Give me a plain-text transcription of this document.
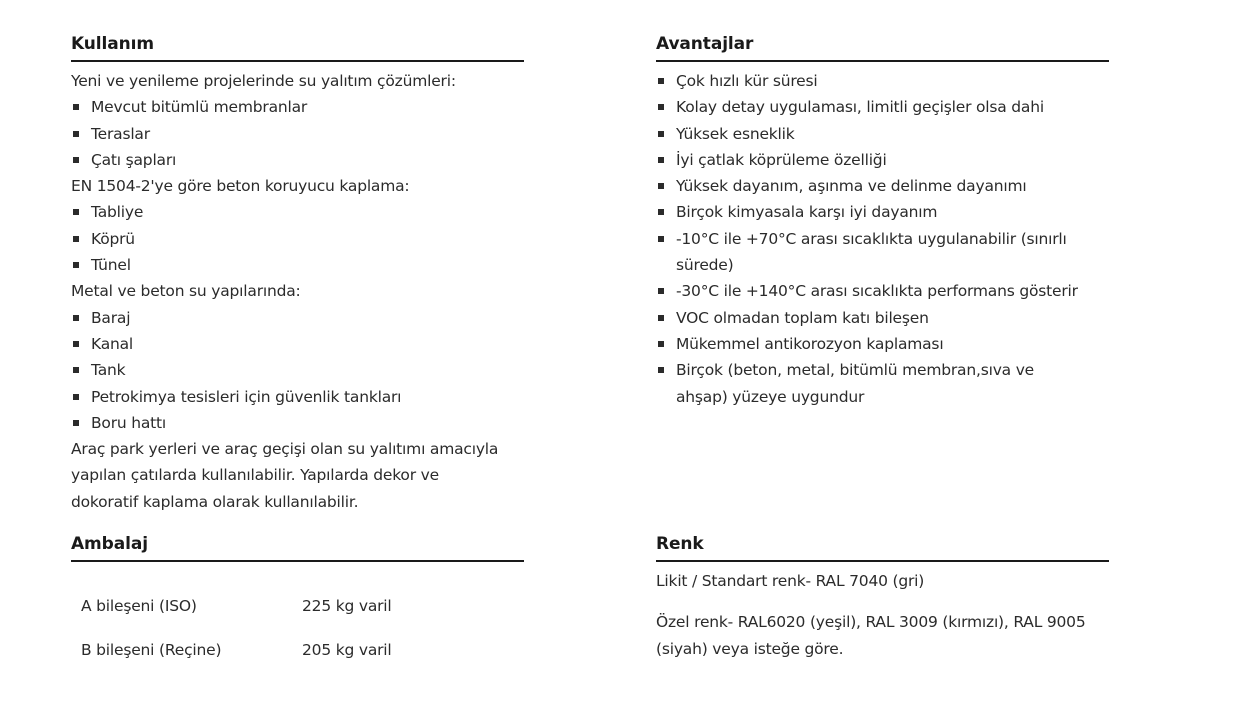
Kullanım
Yeni ve yenileme projelerinde su yalıtım çözümleri:
Mevcut bitümlü membranlar
Teraslar
Çatı şapları
EN 1504-2'ye göre beton koruyucu kaplama:
Tabliye
Köprü
Tünel
Metal ve beton su yapılarında:
Baraj
Kanal
Tank
Petrokimya tesisleri için güvenlik tankları
Boru hattı
Araç park yerleri ve araç geçişi olan su yalıtımı amacıyla yapılan çatılarda kullanılabilir. Yapılarda dekor ve dokoratif kaplama olarak kullanılabilir.
Avantajlar
Çok hızlı kür süresi
Kolay detay uygulaması, limitli geçişler olsa dahi
Yüksek esneklik
İyi çatlak köprüleme özelliği
Yüksek dayanım, aşınma ve delinme dayanımı
Birçok kimyasala karşı iyi dayanım
-10°C ile +70°C arası sıcaklıkta uygulanabilir (sınırlı sürede)
-30°C ile +140°C arası sıcaklıkta performans gösterir
VOC olmadan toplam katı bileşen
Mükemmel antikorozyon kaplaması
Birçok (beton, metal, bitümlü membran,sıva ve ahşap) yüzeye uygundur
Ambalaj
A bileşeni (ISO)	225 kg varil
B bileşeni (Reçine)	205 kg varil
Renk

Likit / Standart renk- RAL 7040 (gri)

Özel renk- RAL6020 (yeşil), RAL 3009 (kırmızı), RAL 9005 (siyah) veya isteğe göre.
